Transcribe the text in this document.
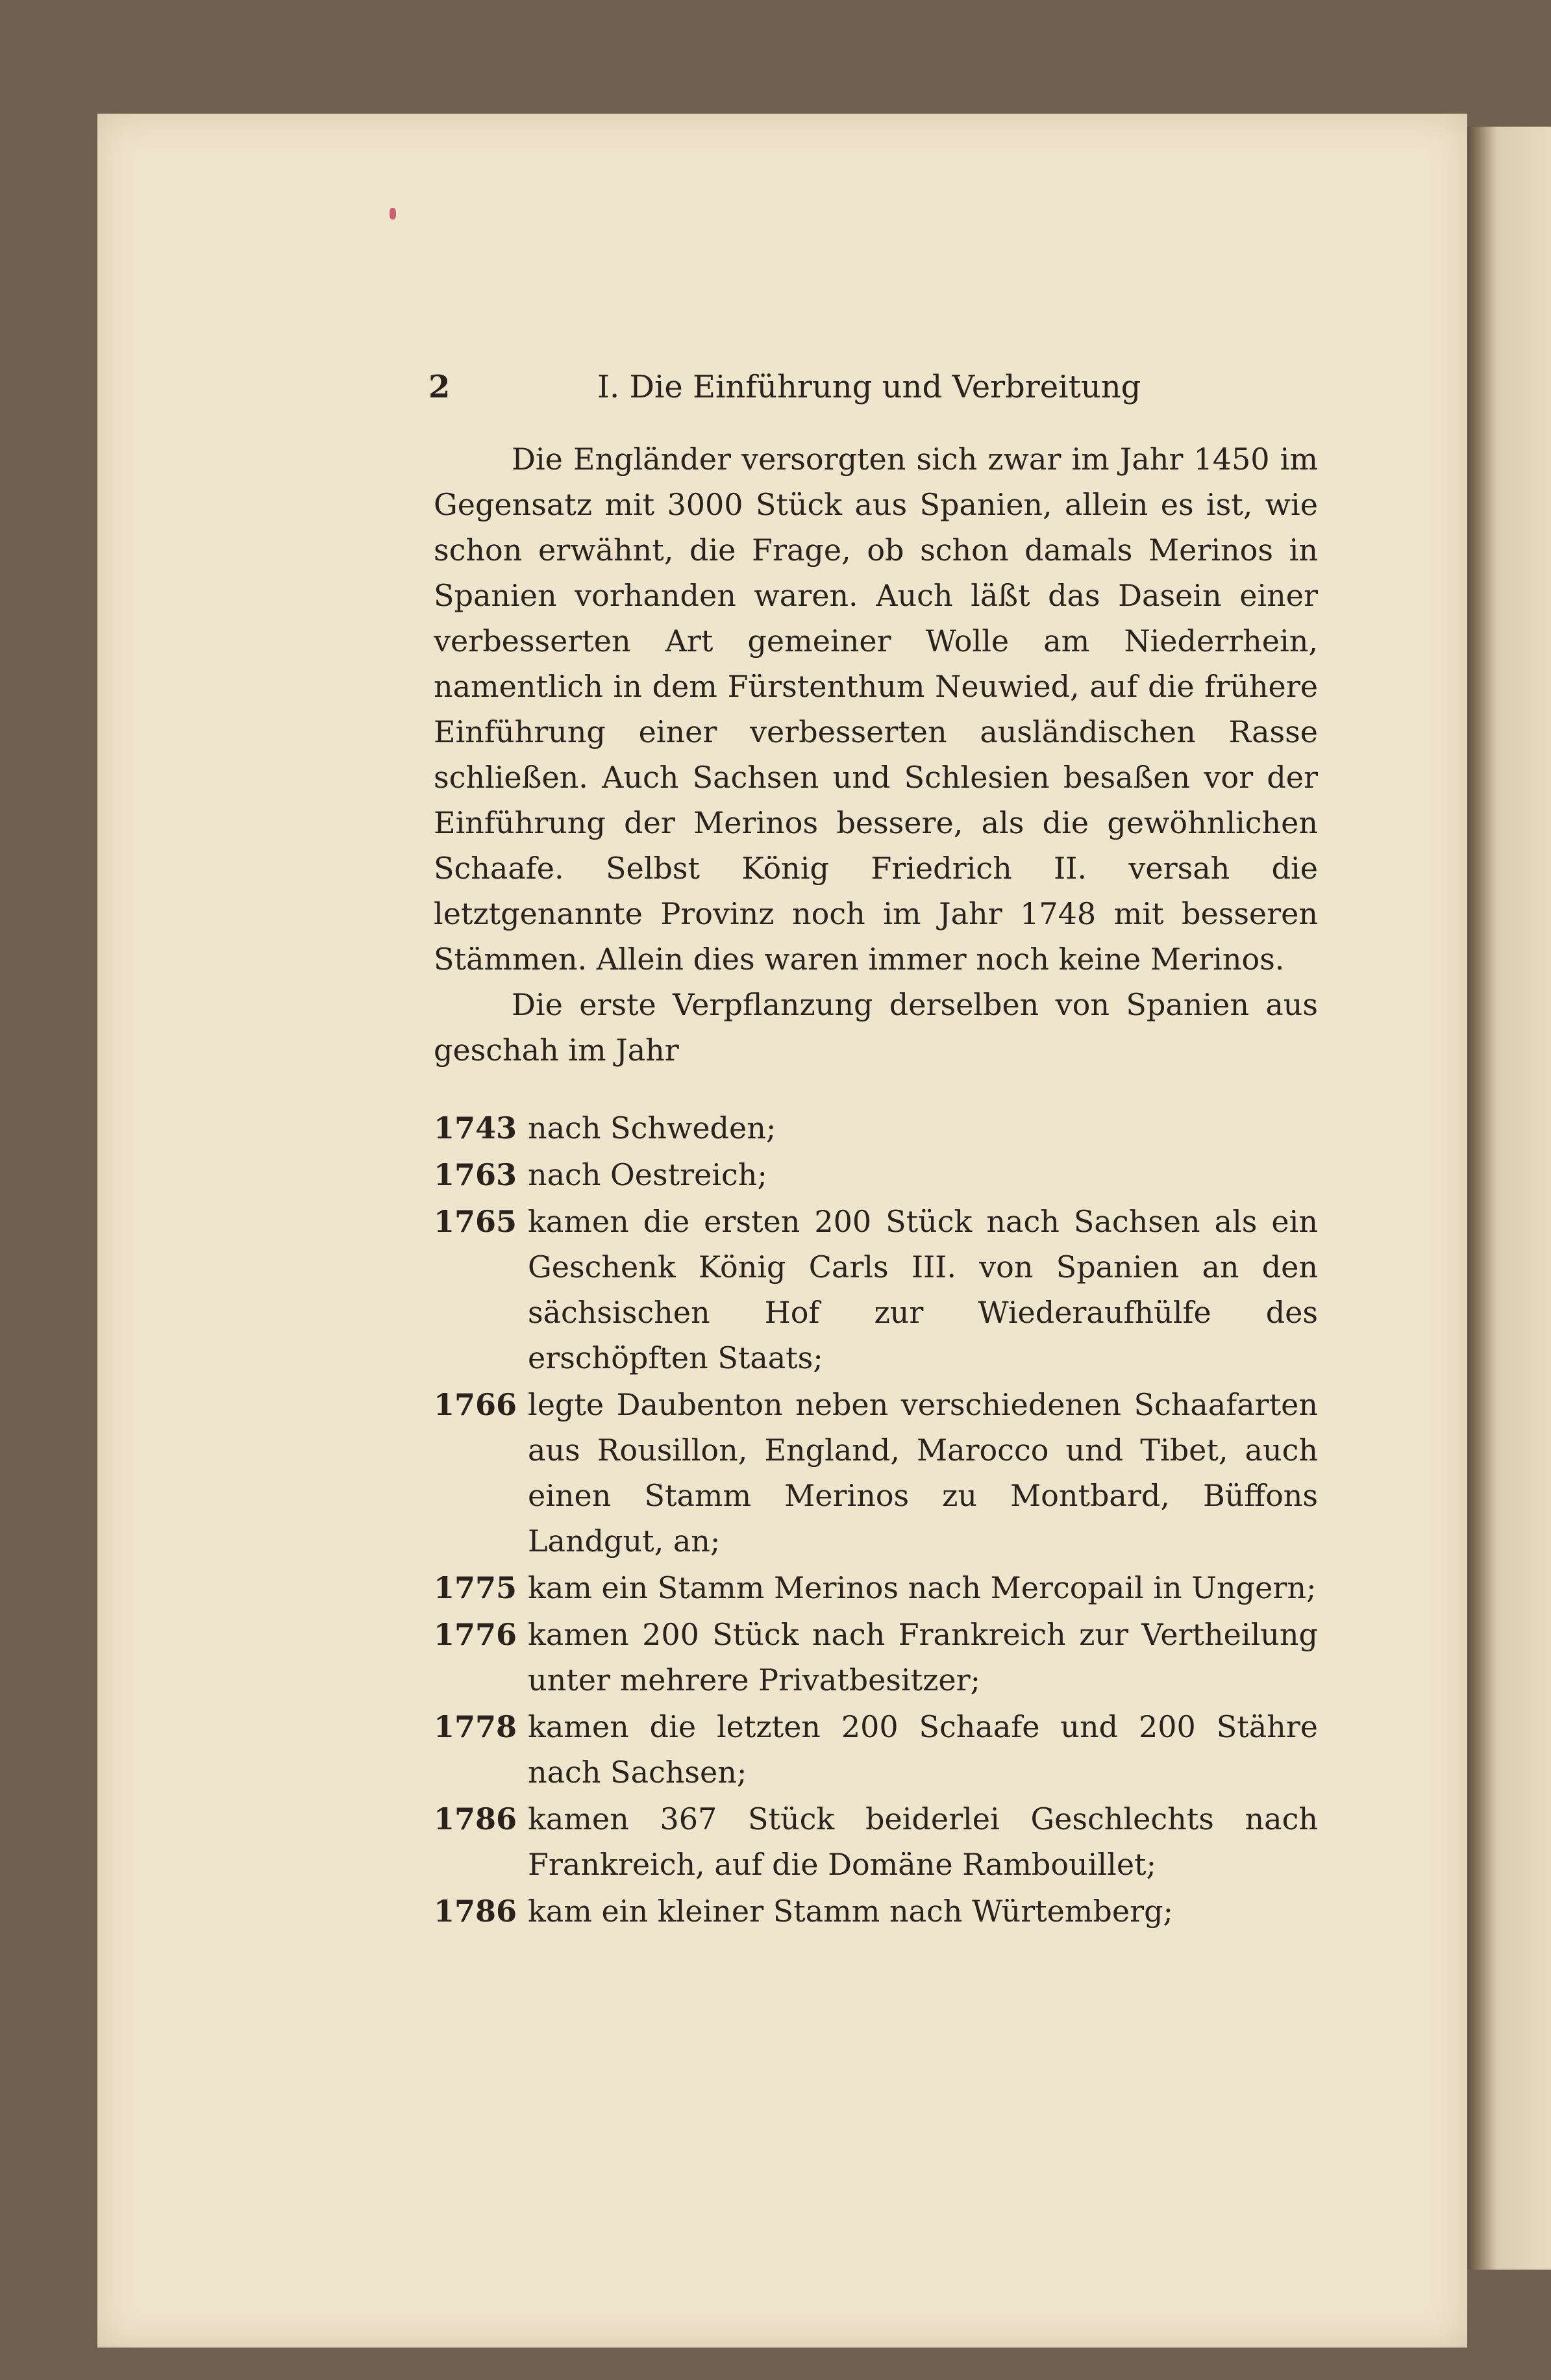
2	I. Die Einführung und Verbreitung

Die Engländer versorgten sich zwar im Jahr 1450 im Gegensatz mit 3000 Stück aus Spanien, allein es ist, wie schon erwähnt, die Frage, ob schon damals Merinos in Spanien vorhanden waren. Auch läßt das Dasein einer verbesserten Art gemeiner Wolle am Niederrhein, namentlich in dem Fürstenthum Neuwied, auf die frühere Einführung einer verbesserten ausländischen Rasse schließen. Auch Sachsen und Schlesien besaßen vor der Einführung der Merinos bessere, als die gewöhnlichen Schaafe. Selbst König Friedrich II. versah die letztgenannte Provinz noch im Jahr 1748 mit besseren Stämmen. Allein dies waren immer noch keine Merinos.

Die erste Verpflanzung derselben von Spanien aus geschah im Jahr

1743 nach Schweden;
1763 nach Oestreich;
1765 kamen die ersten 200 Stück nach Sachsen als ein Geschenk König Carls III. von Spanien an den sächsischen Hof zur Wiederaufhülfe des erschöpften Staats;
1766 legte Daubenton neben verschiedenen Schaafarten aus Rousillon, England, Marocco und Tibet, auch einen Stamm Merinos zu Montbard, Büffons Landgut, an;
1775 kam ein Stamm Merinos nach Mercopail in Ungern;
1776 kamen 200 Stück nach Frankreich zur Vertheilung unter mehrere Privatbesitzer;
1778 kamen die letzten 200 Schaafe und 200 Stähre nach Sachsen;
1786 kamen 367 Stück beiderlei Geschlechts nach Frankreich, auf die Domäne Rambouillet;
1786 kam ein kleiner Stamm nach Würtemberg;
